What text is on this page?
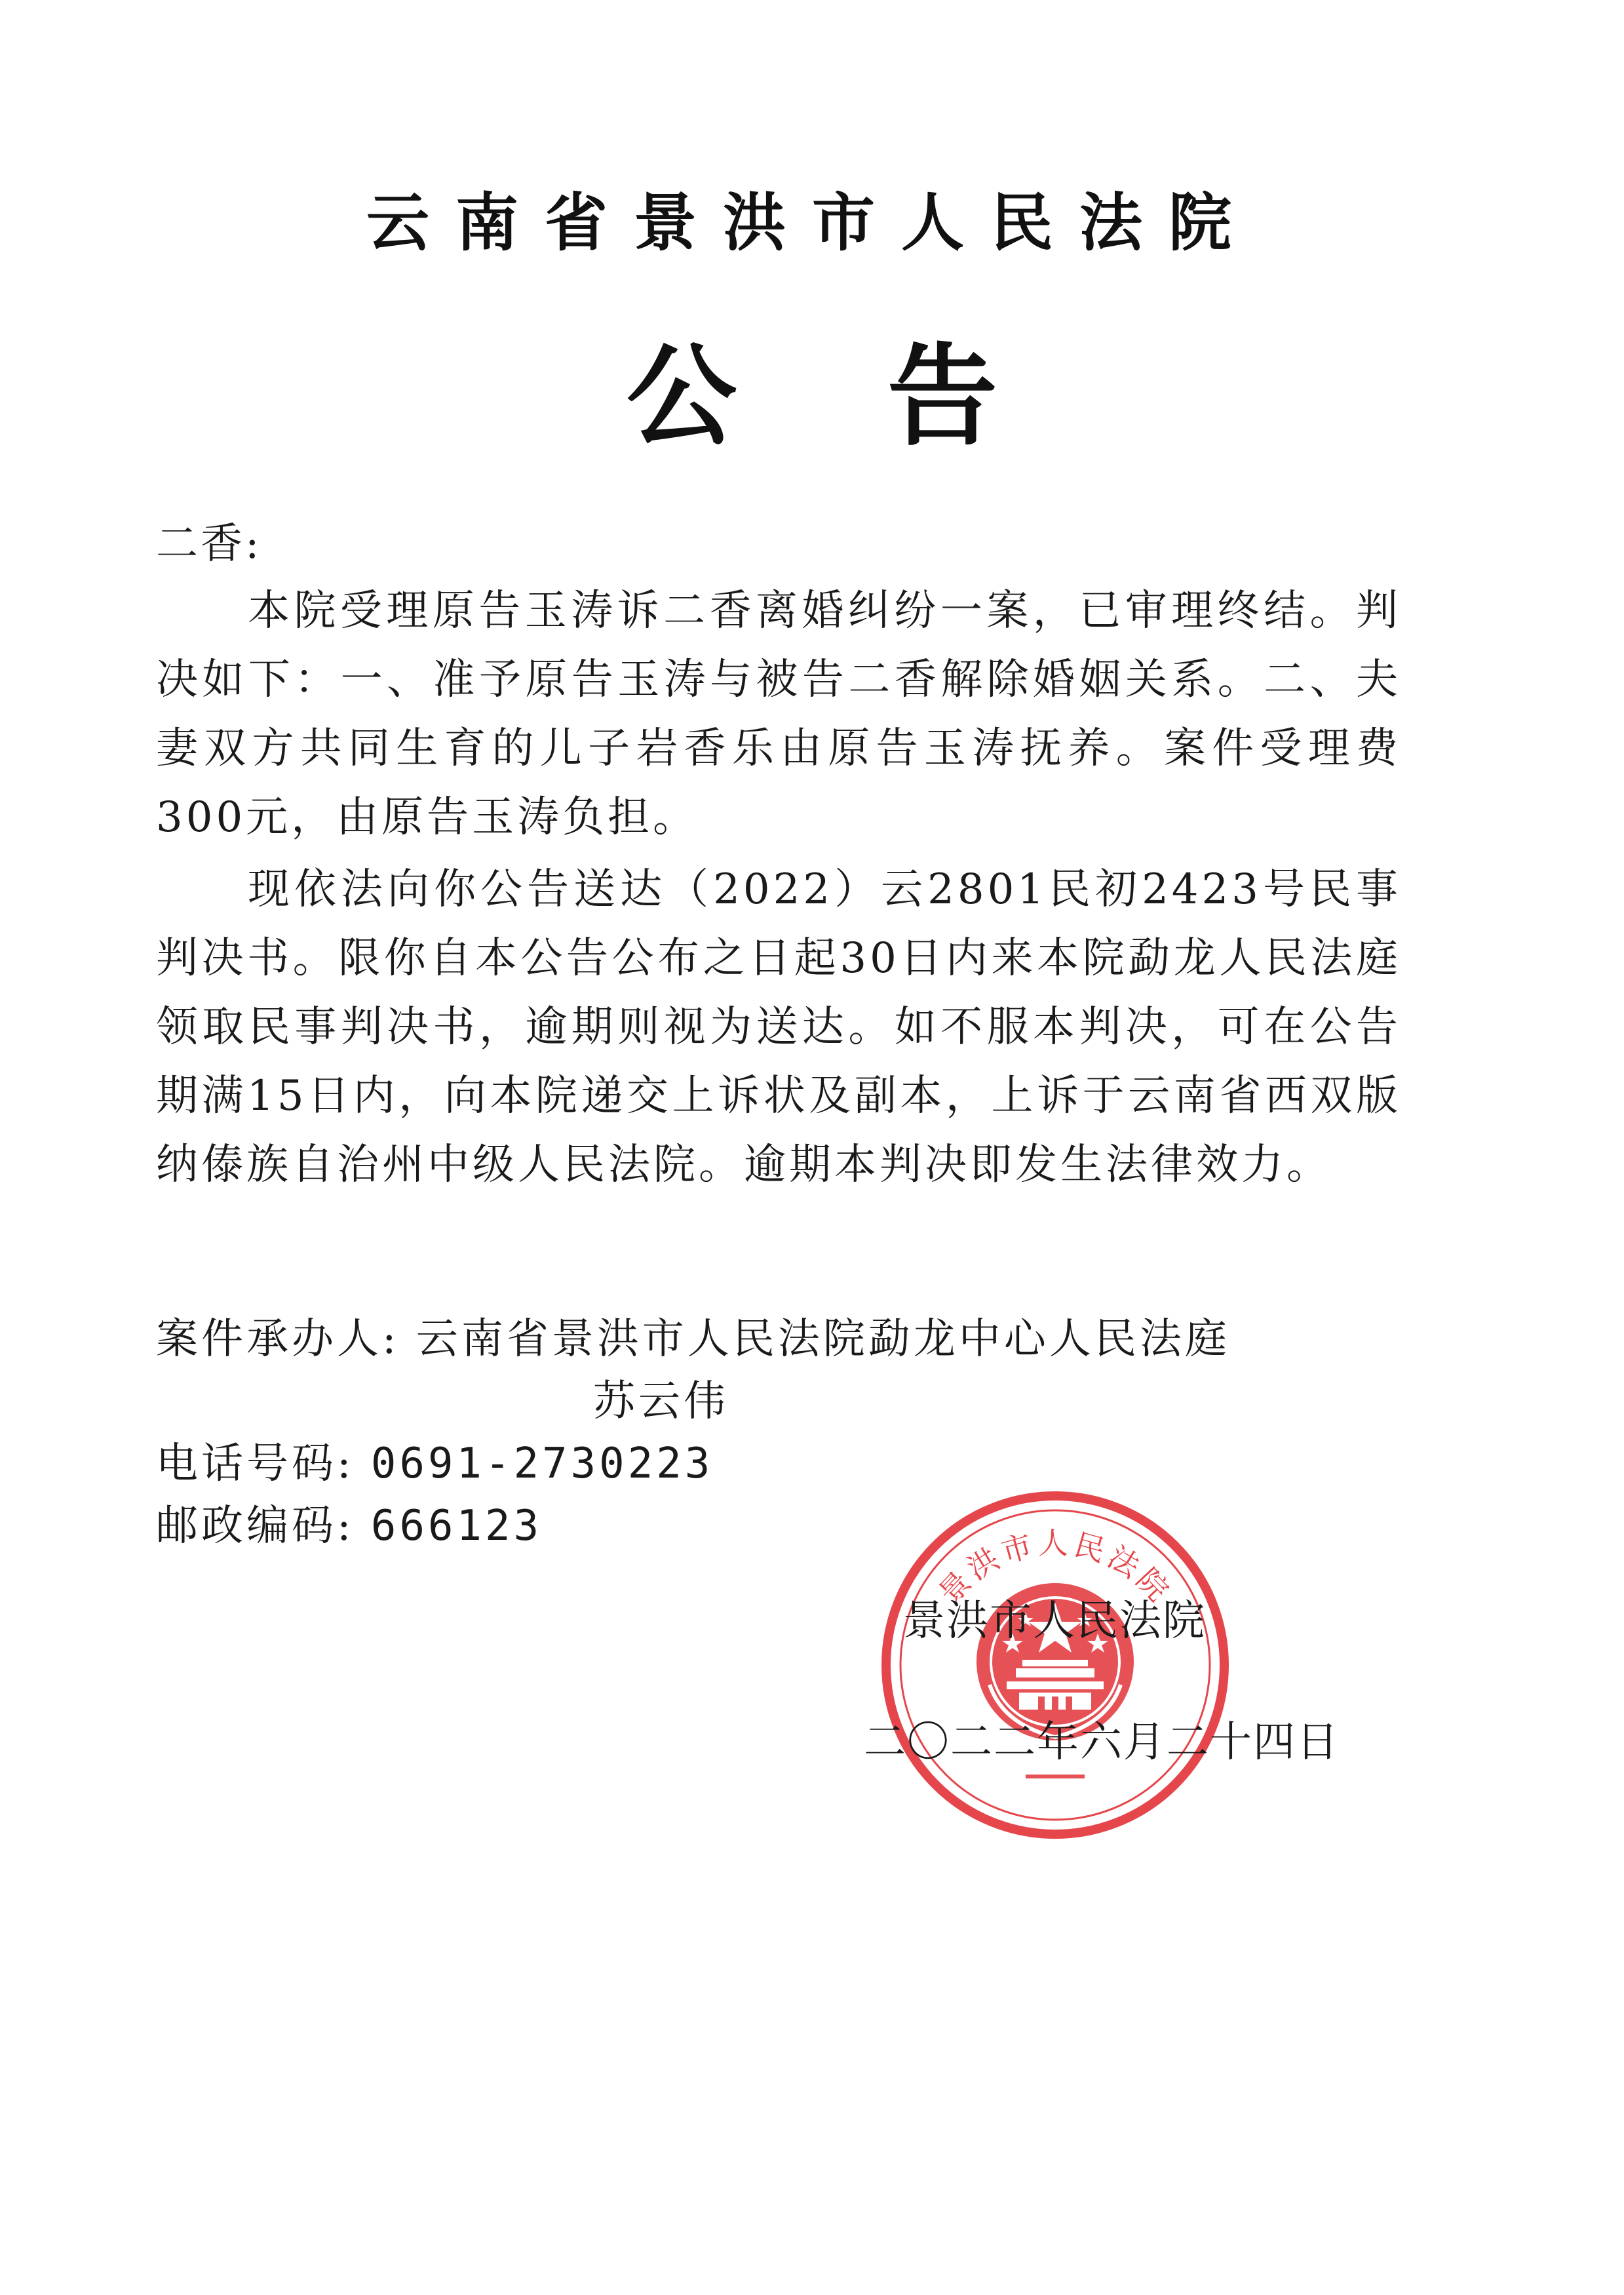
云南省景洪市人民法院
公告
二香:

本院受理原告玉涛诉二香离婚纠纷一案，已审理终结。判决如下：一、准予原告玉涛与被告二香解除婚姻关系。二、夫妻双方共同生育的儿子岩香乐由原告玉涛抚养。案件受理费300元，由原告玉涛负担。

现依法向你公告送达（2022）云2801民初2423号民事判决书。限你自本公告公布之日起30日内来本院勐龙人民法庭领取民事判决书，逾期则视为送达。如不服本判决，可在公告期满15日内，向本院递交上诉状及副本，上诉于云南省西双版纳傣族自治州中级人民法院。逾期本判决即发生法律效力。

案件承办人: 云南省景洪市人民法院勐龙中心人民法庭
苏云伟
电话号码: 0691-2730223
邮政编码: 666123
景洪市人民法院
景洪市人民法院
二〇二二年六月二十四日
